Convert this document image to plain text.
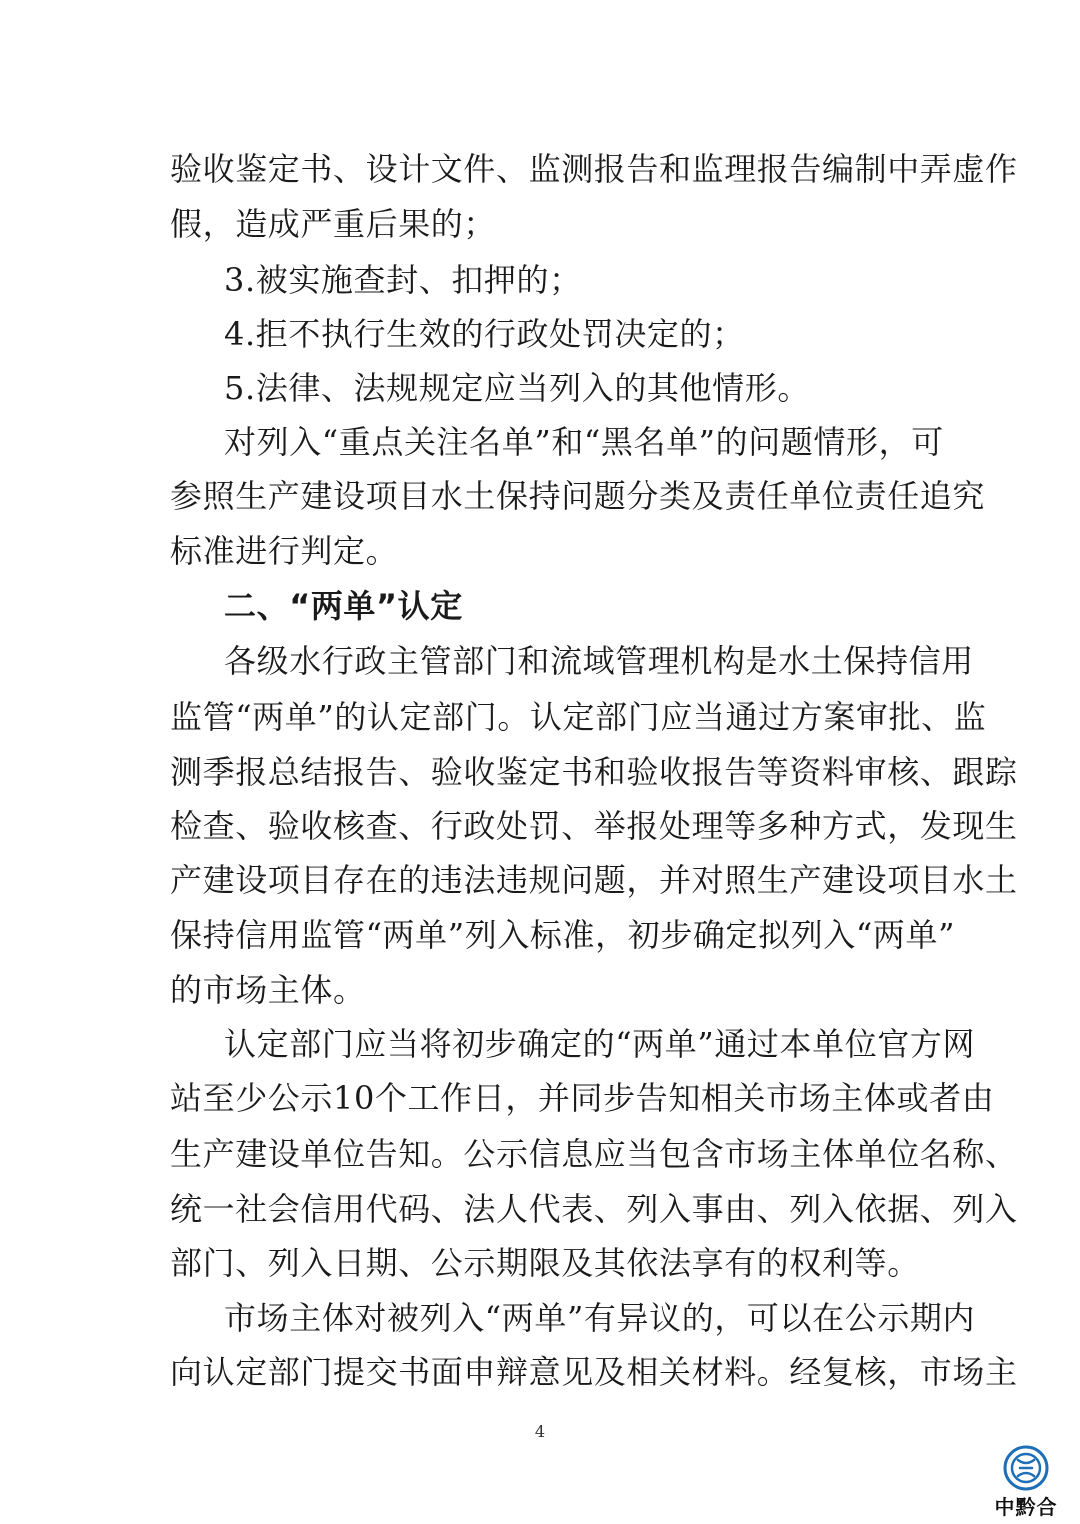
验收鉴定书、设计文件、监测报告和监理报告编制中弄虚作
假，造成严重后果的；
3.被实施查封、扣押的；
4.拒不执行生效的行政处罚决定的；
5.法律、法规规定应当列入的其他情形。
对列入“重点关注名单”和“黑名单”的问题情形，可
参照生产建设项目水土保持问题分类及责任单位责任追究
标准进行判定。
二、“两单”认定
各级水行政主管部门和流域管理机构是水土保持信用
监管“两单”的认定部门。认定部门应当通过方案审批、监
测季报总结报告、验收鉴定书和验收报告等资料审核、跟踪
检查、验收核查、行政处罚、举报处理等多种方式，发现生
产建设项目存在的违法违规问题，并对照生产建设项目水土
保持信用监管“两单”列入标准，初步确定拟列入“两单”
的市场主体。
认定部门应当将初步确定的“两单”通过本单位官方网
站至少公示10个工作日，并同步告知相关市场主体或者由
生产建设单位告知。公示信息应当包含市场主体单位名称、
统一社会信用代码、法人代表、列入事由、列入依据、列入
部门、列入日期、公示期限及其依法享有的权利等。
市场主体对被列入“两单”有异议的，可以在公示期内
向认定部门提交书面申辩意见及相关材料。经复核，市场主
4
中黔合
